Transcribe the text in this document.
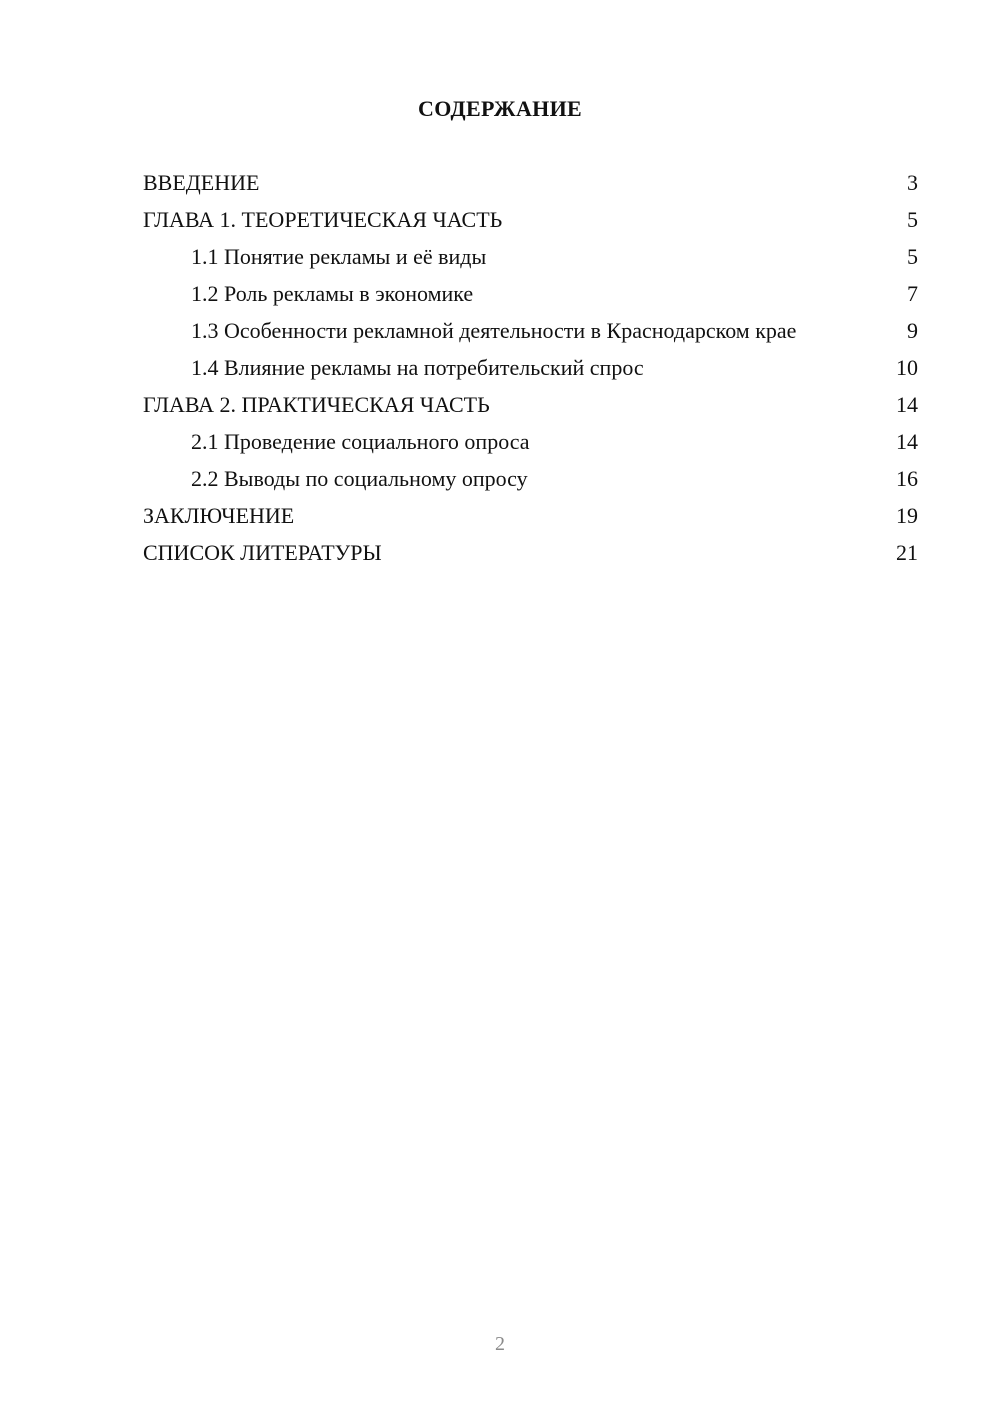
СОДЕРЖАНИЕ
ВВЕДЕНИЕ	3
ГЛАВА 1. ТЕОРЕТИЧЕСКАЯ ЧАСТЬ	5
1.1 Понятие рекламы и её виды	5
1.2 Роль рекламы в экономике	7
1.3 Особенности рекламной деятельности в Краснодарском крае	9
1.4 Влияние рекламы на потребительский спрос	10
ГЛАВА 2. ПРАКТИЧЕСКАЯ ЧАСТЬ	14
2.1 Проведение социального опроса	14
2.2 Выводы по социальному опросу	16
ЗАКЛЮЧЕНИЕ	19
СПИСОК ЛИТЕРАТУРЫ	21
2
